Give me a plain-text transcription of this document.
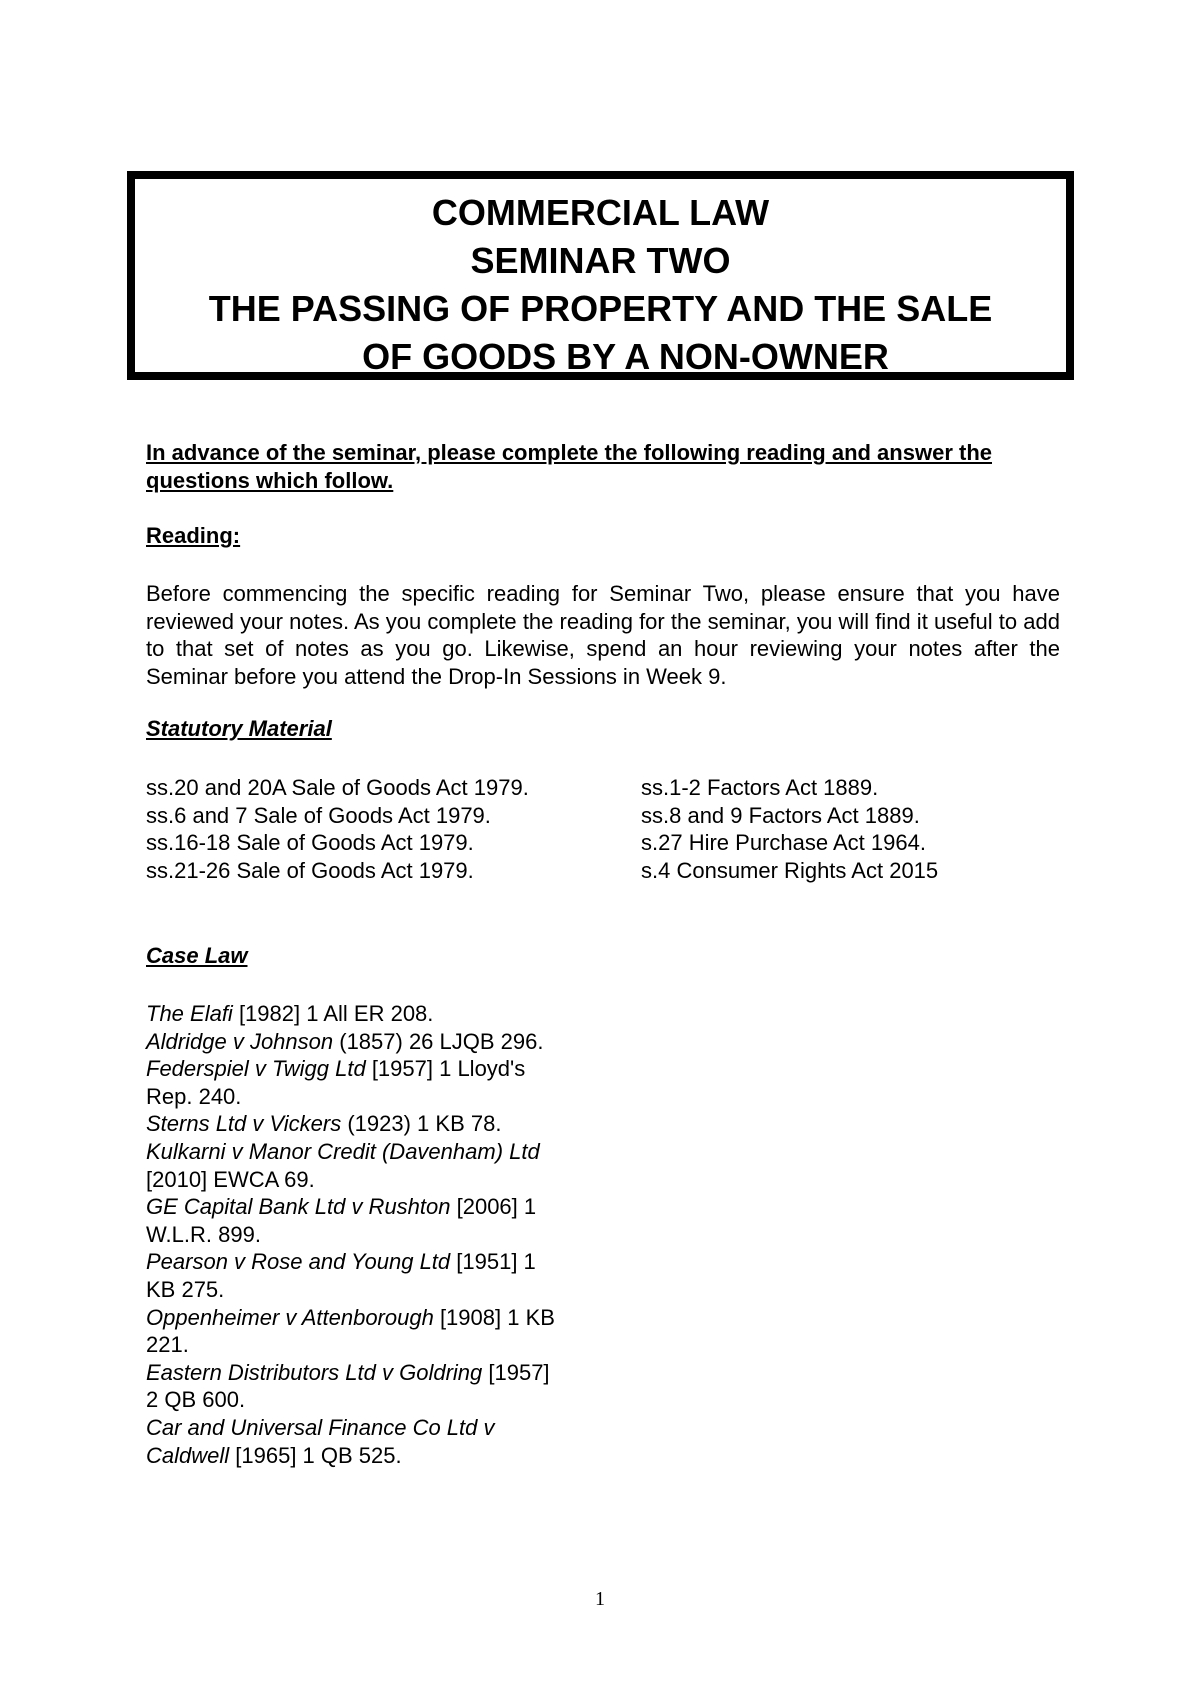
COMMERCIAL LAW
SEMINAR TWO
THE PASSING OF PROPERTY AND THE SALE
OF GOODS BY A NON-OWNER
In advance of the seminar, please complete the following reading and answer the questions which follow.
Reading:
Before commencing the specific reading for Seminar Two, please ensure that you have reviewed your notes. As you complete the reading for the seminar, you will find it useful to add to that set of notes as you go. Likewise, spend an hour reviewing your notes after the Seminar before you attend the Drop-In Sessions in Week 9.
Statutory Material
ss.20 and 20A Sale of Goods Act 1979.
ss.6 and 7 Sale of Goods Act 1979.
ss.16-18 Sale of Goods Act 1979.
ss.21-26 Sale of Goods Act 1979.
ss.1-2 Factors Act 1889.
ss.8 and 9 Factors Act 1889.
s.27 Hire Purchase Act 1964.
s.4 Consumer Rights Act 2015
Case Law
The Elafi [1982] 1 All ER 208.
Aldridge v Johnson (1857) 26 LJQB 296.
Federspiel v Twigg Ltd [1957] 1 Lloyd's Rep. 240.
Sterns Ltd v Vickers (1923) 1 KB 78.
Kulkarni v Manor Credit (Davenham) Ltd [2010] EWCA 69.
GE Capital Bank Ltd v Rushton [2006] 1 W.L.R. 899.
Pearson v Rose and Young Ltd [1951] 1 KB 275.
Oppenheimer v Attenborough [1908] 1 KB 221.
Eastern Distributors Ltd v Goldring [1957] 2 QB 600.
Car and Universal Finance Co Ltd v Caldwell [1965] 1 QB 525.
1
